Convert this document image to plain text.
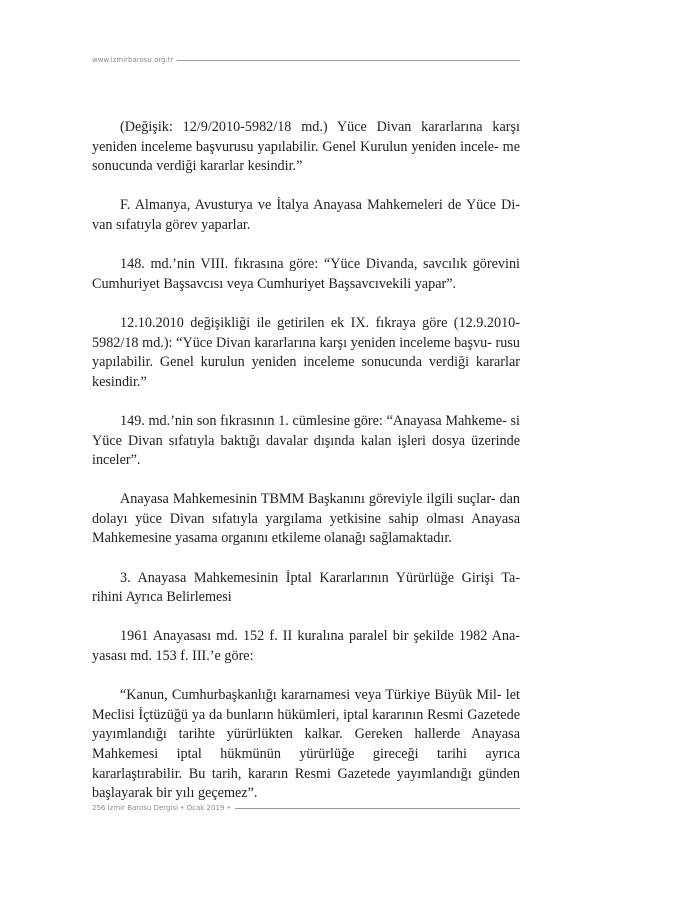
www.izmirbarosu.org.tr

(Değişik: 12/9/2010-5982/18 md.) Yüce Divan kararlarına karşı yeniden inceleme başvurusu yapılabilir. Genel Kurulun yeniden incele- me sonucunda verdiği kararlar kesindir.”

F. Almanya, Avusturya ve İtalya Anayasa Mahkemeleri de Yüce Di- van sıfatıyla görev yaparlar.

148. md.’nin VIII. fıkrasına göre: “Yüce Divanda, savcılık görevini Cumhuriyet Başsavcısı veya Cumhuriyet Başsavcıvekili yapar”.

12.10.2010 değişikliği ile getirilen ek IX. fıkraya göre (12.9.2010- 5982/18 md.): “Yüce Divan kararlarına karşı yeniden inceleme başvu- rusu yapılabilir. Genel kurulun yeniden inceleme sonucunda verdiği kararlar kesindir.”

149. md.’nin son fıkrasının 1. cümlesine göre: “Anayasa Mahkeme- si Yüce Divan sıfatıyla baktığı davalar dışında kalan işleri dosya üzerinde inceler”.

Anayasa Mahkemesinin TBMM Başkanını göreviyle ilgili suçlar- dan dolayı yüce Divan sıfatıyla yargılama yetkisine sahip olması Anayasa Mahkemesine yasama organını etkileme olanağı sağlamaktadır.

3. Anayasa Mahkemesinin İptal Kararlarının Yürürlüğe Girişi Ta- rihini Ayrıca Belirlemesi

1961 Anayasası md. 152 f. II kuralına paralel bir şekilde 1982 Ana- yasası md. 153 f. III.’e göre:

“Kanun, Cumhurbaşkanlığı kararnamesi veya Türkiye Büyük Mil- let Meclisi İçtüzüğü ya da bunların hükümleri, iptal kararının Resmi Gazetede yayımlandığı tarihte yürürlükten kalkar. Gereken hallerde Anayasa Mahkemesi iptal hükmünün yürürlüğe gireceği tarihi ayrıca kararlaştırabilir. Bu tarih, kararın Resmi Gazetede yayımlandığı günden başlayarak bir yılı geçemez”.

256 İzmir Barosu Dergisi • Ocak 2019 •
